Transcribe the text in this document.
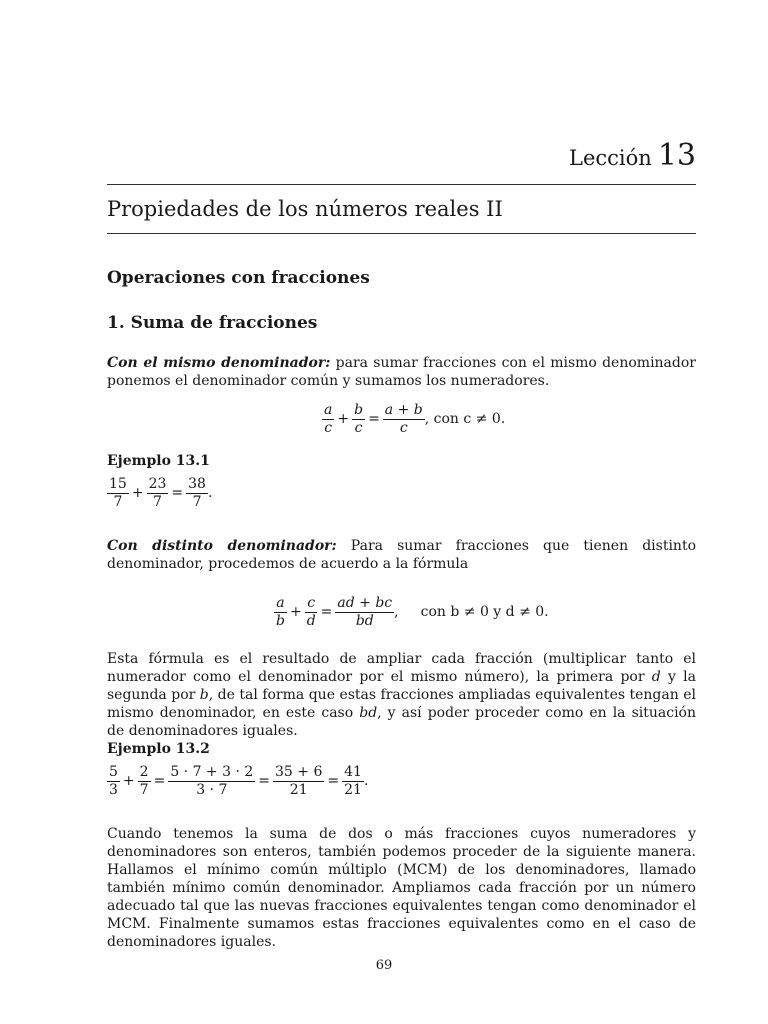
Lección 13
Propiedades de los números reales II
Operaciones con fracciones
1. Suma de fracciones
Con el mismo denominador: para sumar fracciones con el mismo denominador ponemos el denominador común y sumamos los numeradores.
$\frac{a}{c} + \frac{b}{c} = \frac{a + b}{c}$ , con c ≠ 0.
Ejemplo 13.1
$\frac{15}{7} + \frac{23}{7} = \frac{38}{7}$ .
Con distinto denominador: Para sumar fracciones que tienen distinto denominador, procedemos de acuerdo a la fórmula
$\frac{a}{b} + \frac{c}{d} = \frac{ad + bc}{bd}$ , con b ≠ 0 y d ≠ 0.
Esta fórmula es el resultado de ampliar cada fracción (multiplicar tanto el numerador como el denominador por el mismo número), la primera por d y la segunda por b, de tal forma que estas fracciones ampliadas equivalentes tengan el mismo denominador, en este caso bd, y así poder proceder como en la situación de denominadores iguales.
Ejemplo 13.2
$\frac{5}{3} + \frac{2}{7} = \frac{5 \cdot 7 + 3 \cdot 2}{3 \cdot 7} = \frac{35 + 6}{21} = \frac{41}{21}$ .
Cuando tenemos la suma de dos o más fracciones cuyos numeradores y denominadores son enteros, también podemos proceder de la siguiente manera. Hallamos el mínimo común múltiplo (MCM) de los denominadores, llamado también mínimo común denominador. Ampliamos cada fracción por un número adecuado tal que las nuevas fracciones equivalentes tengan como denominador el MCM. Finalmente sumamos estas fracciones equivalentes como en el caso de denominadores iguales.
69
